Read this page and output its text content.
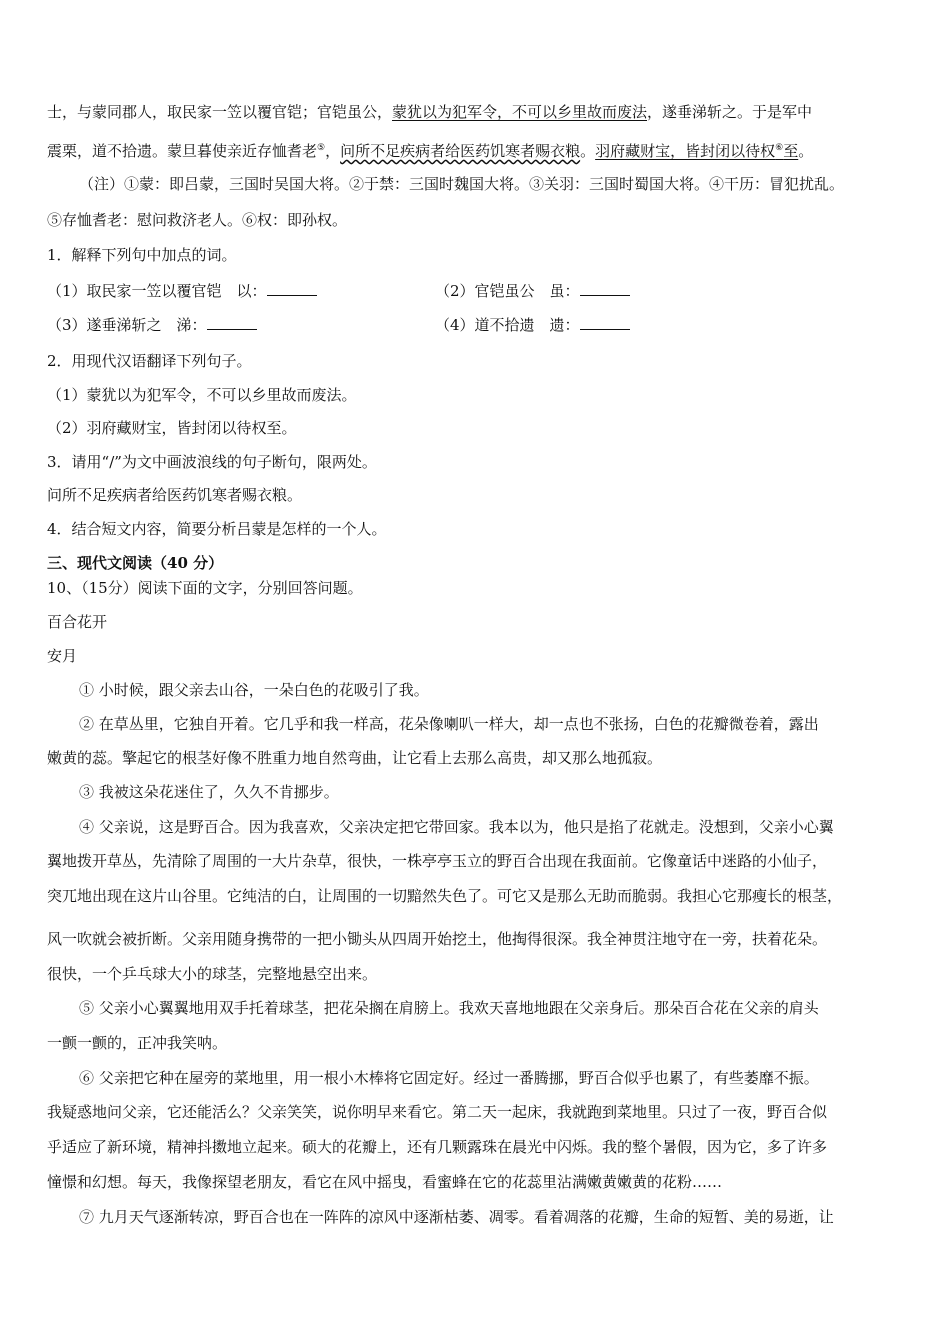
士，与蒙同郡人，取民家一笠以覆官铠；官铠虽公，蒙犹以为犯军令，不可以乡里故而废法，遂垂涕斩之。于是军中
震栗，道不拾遗。蒙旦暮使亲近存恤耆老⑤，问所不足疾病者给医药饥寒者赐衣粮。羽府藏财宝，皆封闭以待权⑥至。
（注）①蒙：即吕蒙，三国时吴国大将。②于禁：三国时魏国大将。③关羽：三国时蜀国大将。④干历：冒犯扰乱。
⑤存恤耆老：慰问救济老人。⑥权：即孙权。
1．解释下列句中加点的词。
（1）取民家一笠以覆官铠　以：	（2）官铠虽公　虽：
（3）遂垂涕斩之　涕：	（4）道不拾遗　遗：
2．用现代汉语翻译下列句子。
（1）蒙犹以为犯军令，不可以乡里故而废法。
（2）羽府藏财宝，皆封闭以待权至。
3．请用“/”为文中画波浪线的句子断句，限两处。
问所不足疾病者给医药饥寒者赐衣粮。
4．结合短文内容，简要分析吕蒙是怎样的一个人。
三、现代文阅读（40 分）
10、（15分）阅读下面的文字，分别回答问题。
百合花开
安月
① 小时候，跟父亲去山谷，一朵白色的花吸引了我。
② 在草丛里，它独自开着。它几乎和我一样高，花朵像喇叭一样大，却一点也不张扬，白色的花瓣微卷着，露出
嫩黄的蕊。擎起它的根茎好像不胜重力地自然弯曲，让它看上去那么高贵，却又那么地孤寂。
③ 我被这朵花迷住了，久久不肯挪步。
④ 父亲说，这是野百合。因为我喜欢，父亲决定把它带回家。我本以为，他只是掐了花就走。没想到，父亲小心翼
翼地拨开草丛，先清除了周围的一大片杂草，很快，一株亭亭玉立的野百合出现在我面前。它像童话中迷路的小仙子，
突兀地出现在这片山谷里。它纯洁的白，让周围的一切黯然失色了。可它又是那么无助而脆弱。我担心它那瘦长的根茎，
风一吹就会被折断。父亲用随身携带的一把小锄头从四周开始挖土，他掏得很深。我全神贯注地守在一旁，扶着花朵。
很快，一个乒乓球大小的球茎，完整地悬空出来。
⑤ 父亲小心翼翼地用双手托着球茎，把花朵搁在肩膀上。我欢天喜地地跟在父亲身后。那朵百合花在父亲的肩头
一颤一颤的，正冲我笑呐。
⑥ 父亲把它种在屋旁的菜地里，用一根小木棒将它固定好。经过一番腾挪，野百合似乎也累了，有些萎靡不振。
我疑惑地问父亲，它还能活么？父亲笑笑，说你明早来看它。第二天一起床，我就跑到菜地里。只过了一夜，野百合似
乎适应了新环境，精神抖擞地立起来。硕大的花瓣上，还有几颗露珠在晨光中闪烁。我的整个暑假，因为它，多了许多
憧憬和幻想。每天，我像探望老朋友，看它在风中摇曳，看蜜蜂在它的花蕊里沾满嫩黄嫩黄的花粉……
⑦ 九月天气逐渐转凉，野百合也在一阵阵的凉风中逐渐枯萎、凋零。看着凋落的花瓣，生命的短暂、美的易逝，让
